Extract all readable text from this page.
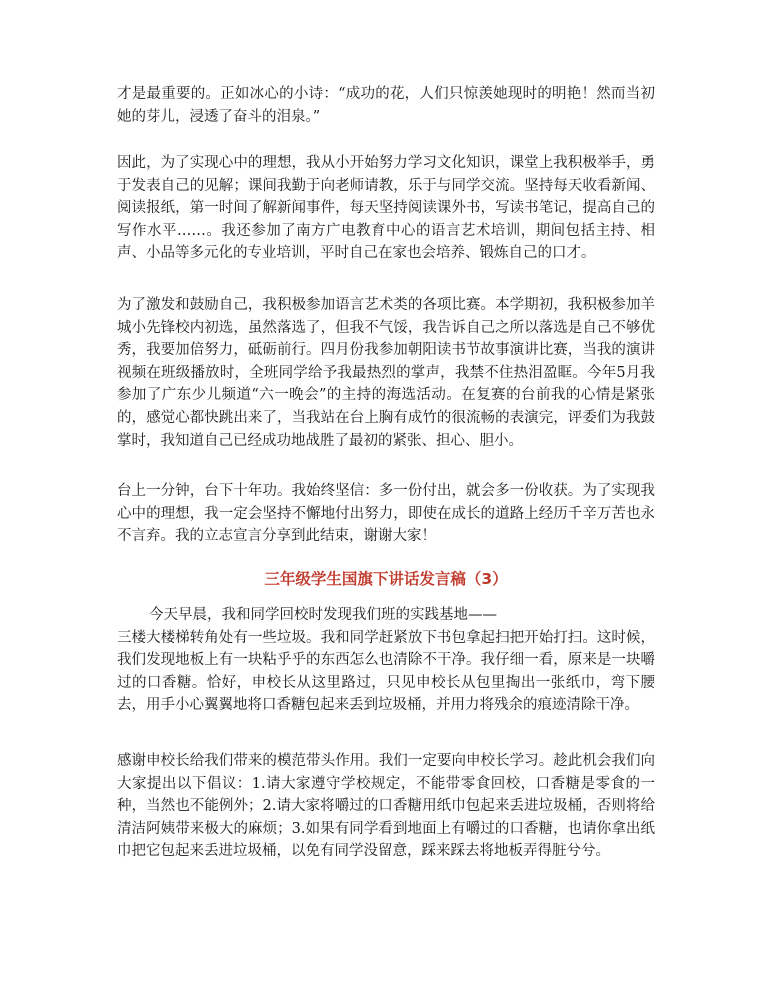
才是最重要的。正如冰心的小诗：“成功的花，人们只惊羡她现时的明艳！然而当初她的芽儿，浸透了奋斗的泪泉。”

因此，为了实现心中的理想，我从小开始努力学习文化知识，课堂上我积极举手，勇于发表自己的见解；课间我勤于向老师请教，乐于与同学交流。坚持每天收看新闻、阅读报纸，第一时间了解新闻事件，每天坚持阅读课外书，写读书笔记，提高自己的写作水平……。我还参加了南方广电教育中心的语言艺术培训，期间包括主持、相声、小品等多元化的专业培训，平时自己在家也会培养、锻炼自己的口才。

为了激发和鼓励自己，我积极参加语言艺术类的各项比赛。本学期初，我积极参加羊城小先锋校内初选，虽然落选了，但我不气馁，我告诉自己之所以落选是自己不够优秀，我要加倍努力，砥砺前行。四月份我参加朝阳读书节故事演讲比赛，当我的演讲视频在班级播放时，全班同学给予我最热烈的掌声，我禁不住热泪盈眶。今年5月我参加了广东少儿频道“六一晚会”的主持的海选活动。在复赛的台前我的心情是紧张的，感觉心都快跳出来了，当我站在台上胸有成竹的很流畅的表演完，评委们为我鼓掌时，我知道自己已经成功地战胜了最初的紧张、担心、胆小。

台上一分钟，台下十年功。我始终坚信：多一份付出，就会多一份收获。为了实现我心中的理想，我一定会坚持不懈地付出努力，即使在成长的道路上经历千辛万苦也永不言弃。我的立志宣言分享到此结束，谢谢大家！

三年级学生国旗下讲话发言稿（3）

今天早晨，我和同学回校时发现我们班的实践基地——
三楼大楼梯转角处有一些垃圾。我和同学赶紧放下书包拿起扫把开始打扫。这时候，我们发现地板上有一块粘乎乎的东西怎么也清除不干净。我仔细一看，原来是一块嚼过的口香糖。恰好，申校长从这里路过，只见申校长从包里掏出一张纸巾，弯下腰去，用手小心翼翼地将口香糖包起来丢到垃圾桶，并用力将残余的痕迹清除干净。

感谢申校长给我们带来的模范带头作用。我们一定要向申校长学习。趁此机会我们向大家提出以下倡议：1.请大家遵守学校规定，不能带零食回校，口香糖是零食的一种，当然也不能例外；2.请大家将嚼过的口香糖用纸巾包起来丢进垃圾桶，否则将给清洁阿姨带来极大的麻烦；3.如果有同学看到地面上有嚼过的口香糖，也请你拿出纸巾把它包起来丢进垃圾桶，以免有同学没留意，踩来踩去将地板弄得脏兮兮。
